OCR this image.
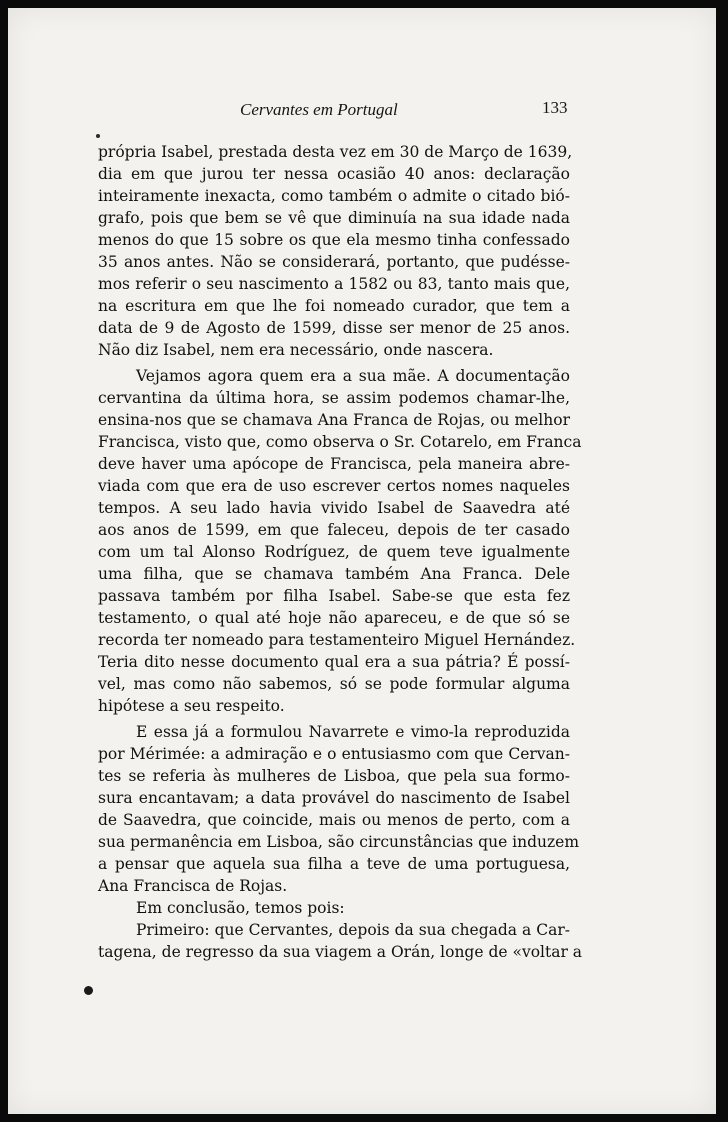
Cervantes em Portugal	133
própria Isabel, prestada desta vez em 30 de Março de 1639,
dia em que jurou ter nessa ocasião 40 anos: declaração
inteiramente inexacta, como também o admite o citado bió-
grafo, pois que bem se vê que diminuía na sua idade nada
menos do que 15 sobre os que ela mesmo tinha confessado
35 anos antes. Não se considerará, portanto, que pudésse-
mos referir o seu nascimento a 1582 ou 83, tanto mais que,
na escritura em que lhe foi nomeado curador, que tem a
data de 9 de Agosto de 1599, disse ser menor de 25 anos.
Não diz Isabel, nem era necessário, onde nascera.
Vejamos agora quem era a sua mãe. A documentação
cervantina da última hora, se assim podemos chamar-lhe,
ensina-nos que se chamava Ana Franca de Rojas, ou melhor
Francisca, visto que, como observa o Sr. Cotarelo, em Franca
deve haver uma apócope de Francisca, pela maneira abre-
viada com que era de uso escrever certos nomes naqueles
tempos. A seu lado havia vivido Isabel de Saavedra até
aos anos de 1599, em que faleceu, depois de ter casado
com um tal Alonso Rodríguez, de quem teve igualmente
uma filha, que se chamava também Ana Franca. Dele
passava também por filha Isabel. Sabe-se que esta fez
testamento, o qual até hoje não apareceu, e de que só se
recorda ter nomeado para testamenteiro Miguel Hernández.
Teria dito nesse documento qual era a sua pátria? É possí-
vel, mas como não sabemos, só se pode formular alguma
hipótese a seu respeito.
E essa já a formulou Navarrete e vimo-la reproduzida
por Mérimée: a admiração e o entusiasmo com que Cervan-
tes se referia às mulheres de Lisboa, que pela sua formo-
sura encantavam; a data provável do nascimento de Isabel
de Saavedra, que coincide, mais ou menos de perto, com a
sua permanência em Lisboa, são circunstâncias que induzem
a pensar que aquela sua filha a teve de uma portuguesa,
Ana Francisca de Rojas.
Em conclusão, temos pois:
Primeiro: que Cervantes, depois da sua chegada a Car-
tagena, de regresso da sua viagem a Orán, longe de «voltar a
